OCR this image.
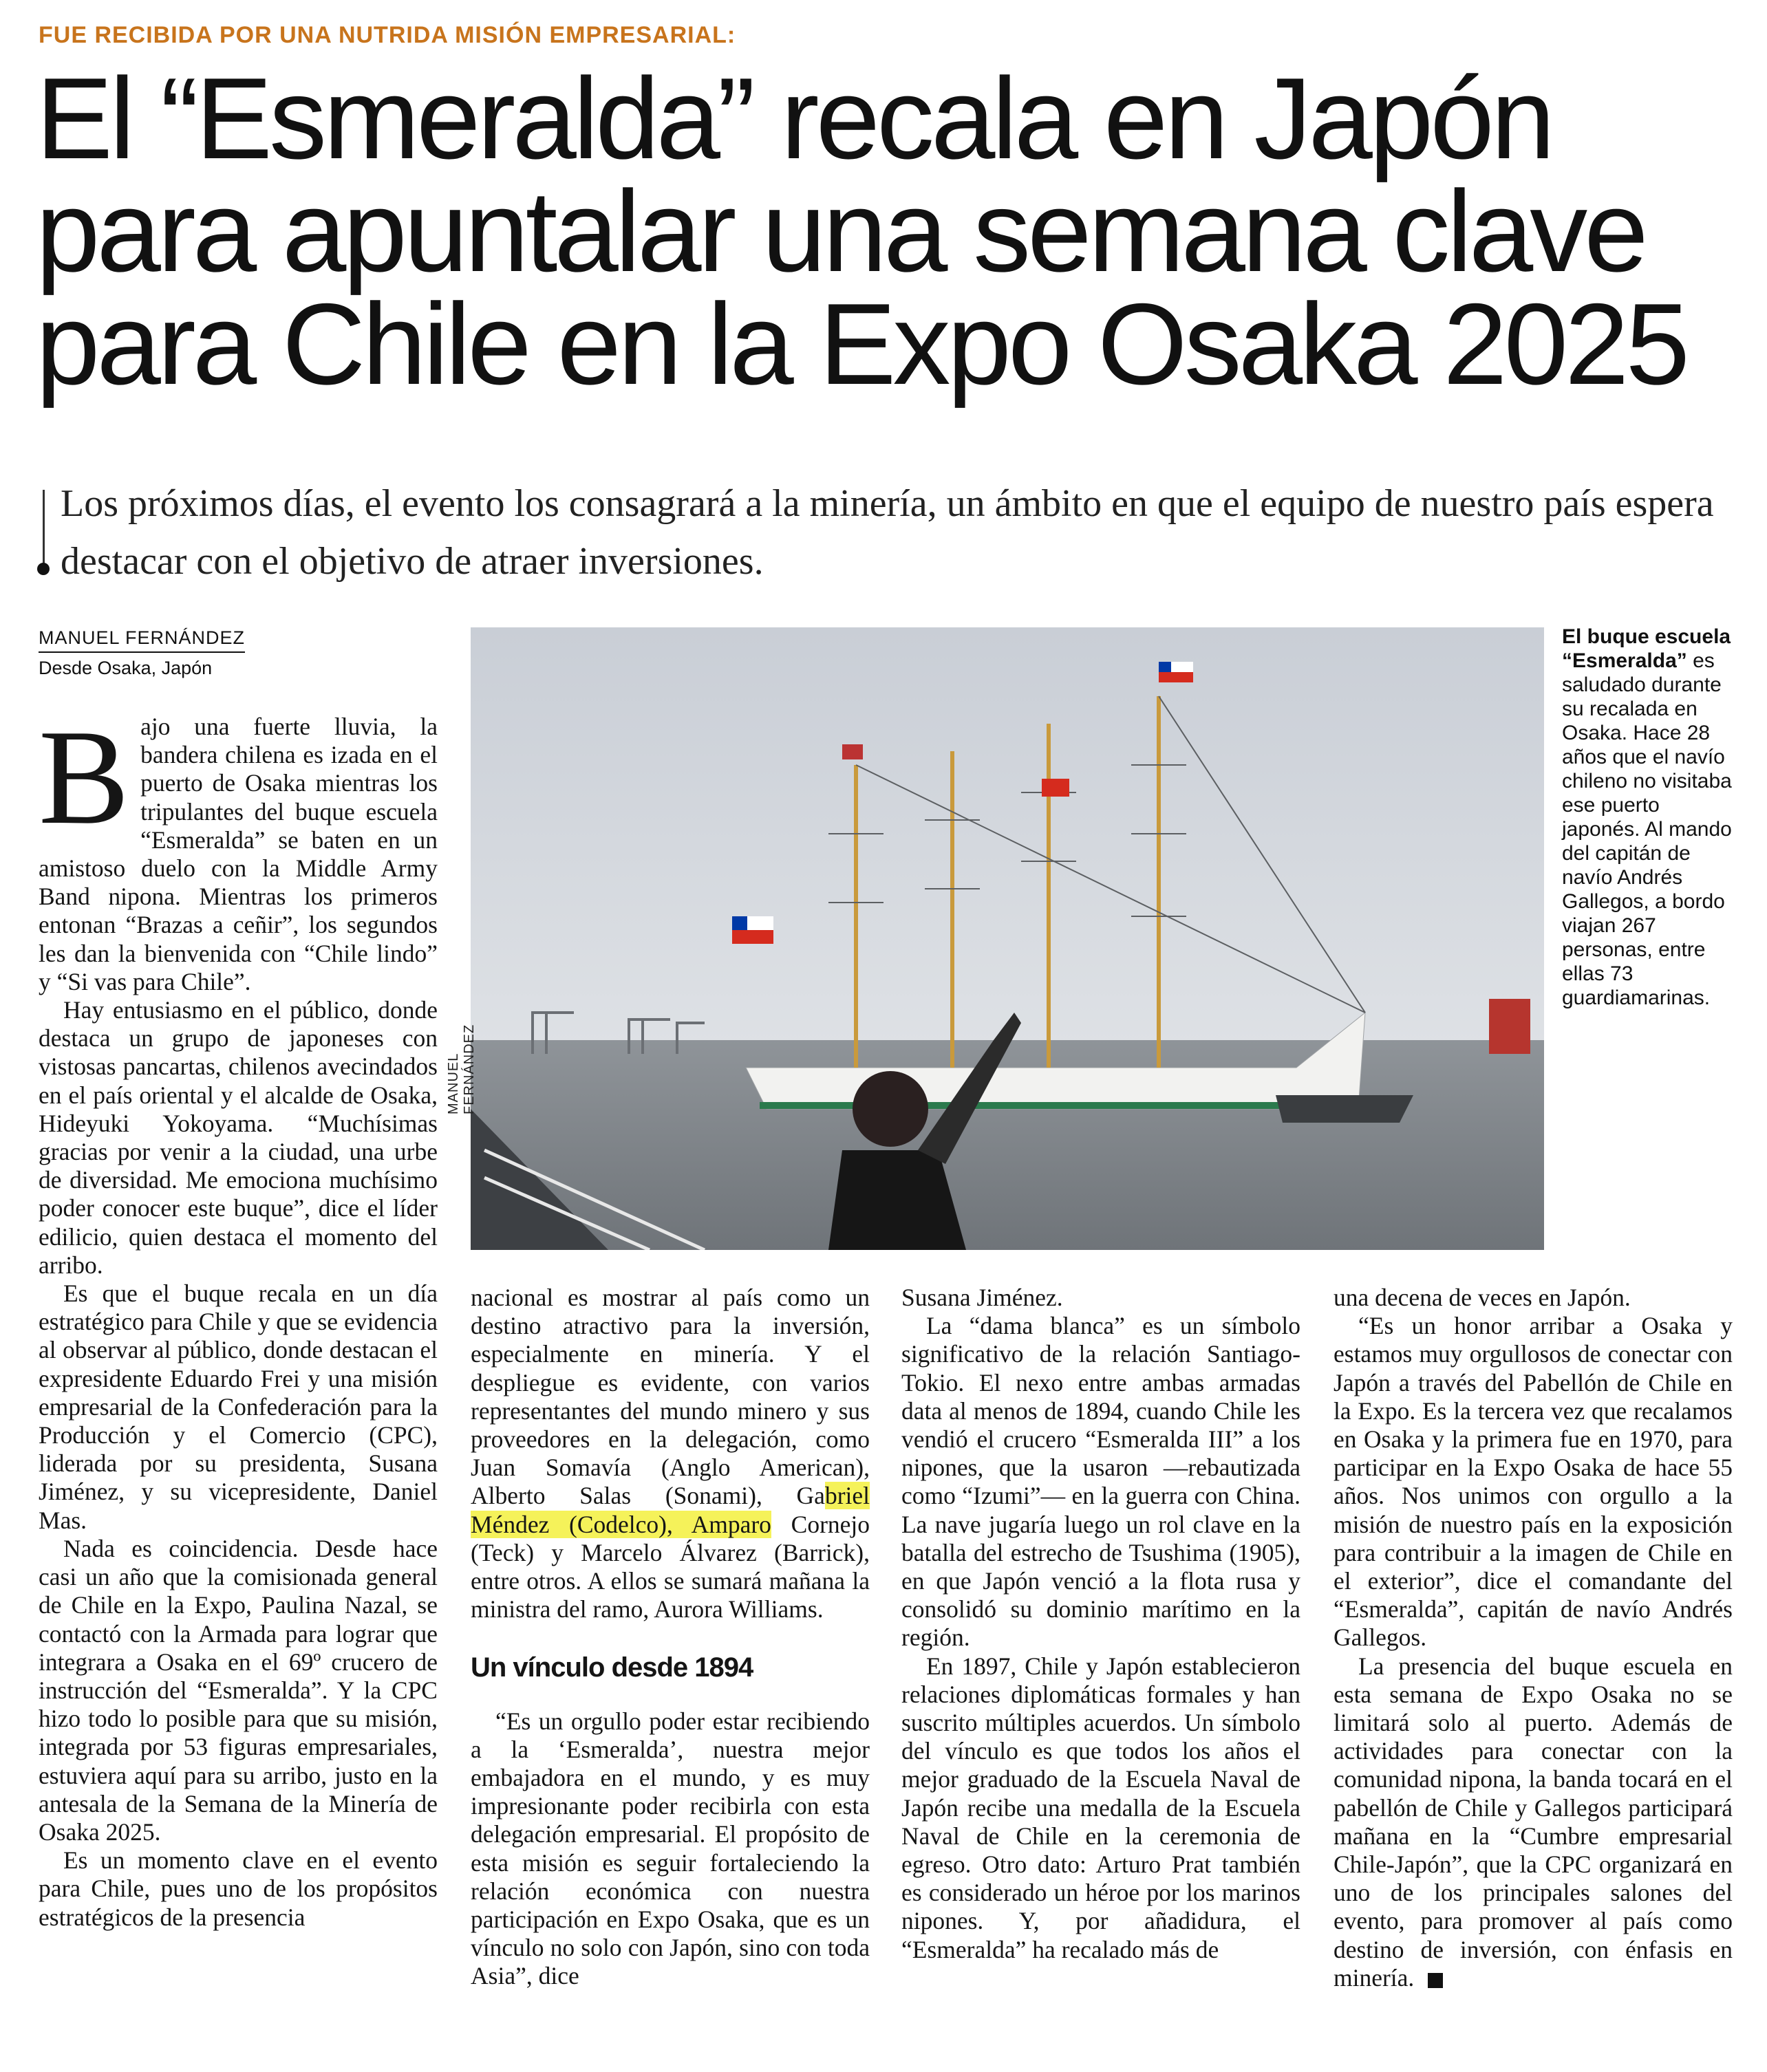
FUE RECIBIDA POR UNA NUTRIDA MISIÓN EMPRESARIAL:
El “Esmeralda” recala en Japón
para apuntalar una semana clave
para Chile en la Expo Osaka 2025
Los próximos días, el evento los consagrará a la minería, un ámbito en que el equipo de nuestro país espera destacar con el objetivo de atraer inversiones.
MANUEL FERNÁNDEZ
Desde Osaka, Japón
MANUEL FERNÁNDEZ
El buque escuela “Esmeralda” es saludado durante su recalada en Osaka. Hace 28 años que el navío chileno no visitaba ese puerto japonés. Al mando del capitán de navío Andrés Gallegos, a bordo viajan 267 personas, entre ellas 73 guardiamarinas.

Bajo una fuerte lluvia, la bandera chilena es izada en el puerto de Osaka mientras los tripulantes del buque escuela “Esmeralda” se baten en un amistoso duelo con la Middle Army Band nipona. Mientras los primeros entonan “Brazas a ceñir”, los segundos les dan la bienvenida con “Chile lindo” y “Si vas para Chile”.

Hay entusiasmo en el público, donde destaca un grupo de japoneses con vistosas pancartas, chilenos avecindados en el país oriental y el alcalde de Osaka, Hideyuki Yokoyama. “Muchísimas gracias por venir a la ciudad, una urbe de diversidad. Me emociona muchísimo poder conocer este buque”, dice el líder edilicio, quien destaca el momento del arribo.

Es que el buque recala en un día estratégico para Chile y que se evidencia al observar al público, donde destacan el expresidente Eduardo Frei y una misión empresarial de la Confederación para la Producción y el Comercio (CPC), liderada por su presidenta, Susana Jiménez, y su vicepresidente, Daniel Mas.

Nada es coincidencia. Desde hace casi un año que la comisionada general de Chile en la Expo, Paulina Nazal, se contactó con la Armada para lograr que integrara a Osaka en el 69º crucero de instrucción del “Esmeralda”. Y la CPC hizo todo lo posible para que su misión, integrada por 53 figuras empresariales, estuviera aquí para su arribo, justo en la antesala de la Semana de la Minería de Osaka 2025.

Es un momento clave en el evento para Chile, pues uno de los propósitos estratégicos de la presencia

nacional es mostrar al país como un destino atractivo para la inversión, especialmente en minería. Y el despliegue es evidente, con varios representantes del mundo minero y sus proveedores en la delegación, como Juan Somavía (Anglo American), Alberto Salas (Sonami), Gabriel Méndez (Codelco), Amparo Cornejo (Teck) y Marcelo Álvarez (Barrick), entre otros. A ellos se sumará mañana la ministra del ramo, Aurora Williams.

Un vínculo desde 1894

“Es un orgullo poder estar recibiendo a la ‘Esmeralda’, nuestra mejor embajadora en el mundo, y es muy impresionante poder recibirla con esta delegación empresarial. El propósito de esta misión es seguir fortaleciendo la relación económica con nuestra participación en Expo Osaka, que es un vínculo no solo con Japón, sino con toda Asia”, dice

Susana Jiménez.

La “dama blanca” es un símbolo significativo de la relación Santiago-Tokio. El nexo entre ambas armadas data al menos de 1894, cuando Chile les vendió el crucero “Esmeralda III” a los nipones, que la usaron —rebautizada como “Izumi”— en la guerra con China. La nave jugaría luego un rol clave en la batalla del estrecho de Tsushima (1905), en que Japón venció a la flota rusa y consolidó su dominio marítimo en la región.

En 1897, Chile y Japón establecieron relaciones diplomáticas formales y han suscrito múltiples acuerdos. Un símbolo del vínculo es que todos los años el mejor graduado de la Escuela Naval de Japón recibe una medalla de la Escuela Naval de Chile en la ceremonia de egreso. Otro dato: Arturo Prat también es considerado un héroe por los marinos nipones. Y, por añadidura, el “Esmeralda” ha recalado más de

una decena de veces en Japón.

“Es un honor arribar a Osaka y estamos muy orgullosos de conectar con Japón a través del Pabellón de Chile en la Expo. Es la tercera vez que recalamos en Osaka y la primera fue en 1970, para participar en la Expo Osaka de hace 55 años. Nos unimos con orgullo a la misión de nuestro país en la exposición para contribuir a la imagen de Chile en el exterior”, dice el comandante del “Esmeralda”, capitán de navío Andrés Gallegos.

La presencia del buque escuela en esta semana de Expo Osaka no se limitará solo al puerto. Además de actividades para conectar con la comunidad nipona, la banda tocará en el pabellón de Chile y Gallegos participará mañana en la “Cumbre empresarial Chile-Japón”, que la CPC organizará en uno de los principales salones del evento, para promover al país como destino de inversión, con énfasis en minería.
